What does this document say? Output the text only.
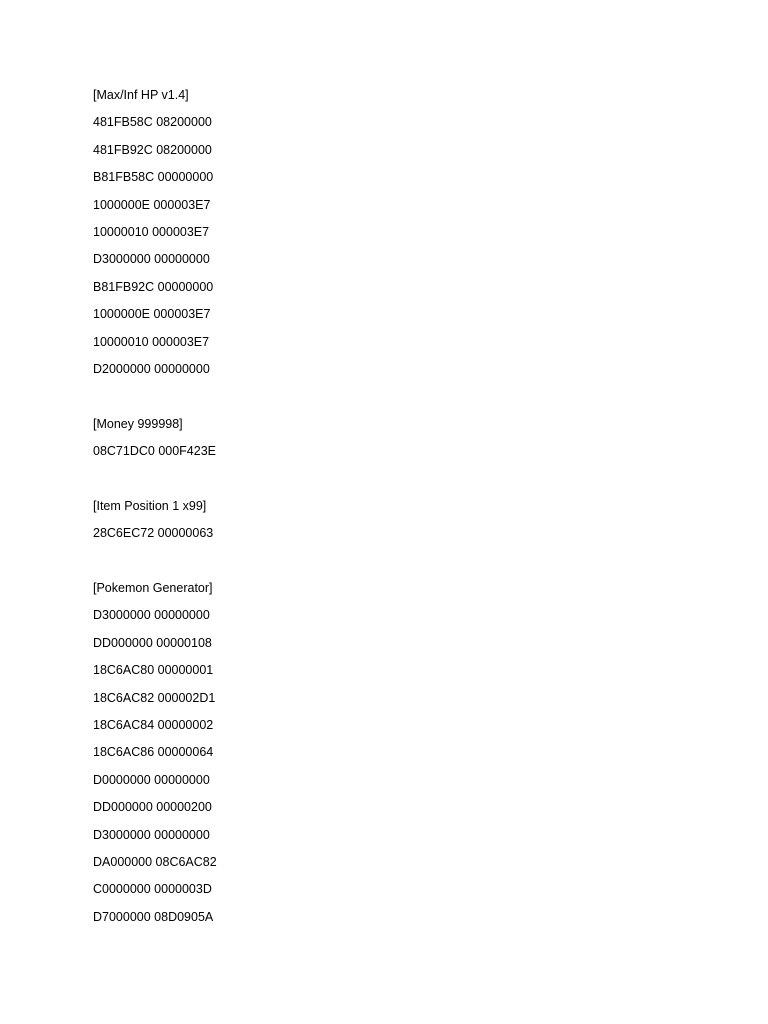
[Max/Inf HP v1.4]
481FB58C 08200000
481FB92C 08200000
B81FB58C 00000000
1000000E 000003E7
10000010 000003E7
D3000000 00000000
B81FB92C 00000000
1000000E 000003E7
10000010 000003E7
D2000000 00000000
[Money 999998]
08C71DC0 000F423E
[Item Position 1 x99]
28C6EC72 00000063
[Pokemon Generator]
D3000000 00000000
DD000000 00000108
18C6AC80 00000001
18C6AC82 000002D1
18C6AC84 00000002
18C6AC86 00000064
D0000000 00000000
DD000000 00000200
D3000000 00000000
DA000000 08C6AC82
C0000000 0000003D
D7000000 08D0905A
